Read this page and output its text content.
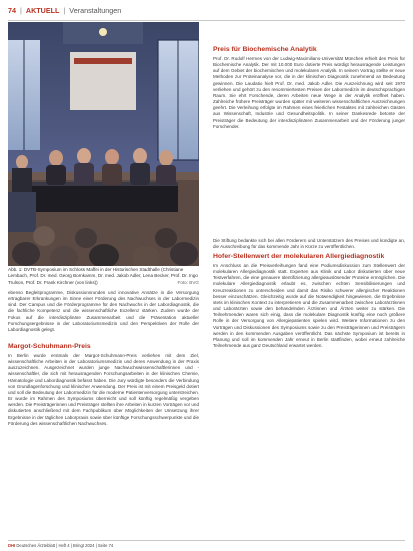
74 | AKTUELL | Veranstaltungen
Abb. 1: DVTB-Symposium im Schloss Maffei in der Historischen Stadthalle (Christiane Lembach, Prof. Dr. med. Georg Bornkamm, Dr. med. Jakob Adler, Lena Becker, Prof. Dr. Ingo Trulson, Prof. Dr. Frank Kirchner (von links))	Foto: BVG

ebenso Begleitprogramme, Diskussionsrunden und innovative Ansätze in die Versorgung ertragbarer Erkrankungen im Sinne einer Förderung des Nachwuchses in der Labormedizin sind. Der Campus und die Förderprogramme für den Nachwuchs in der Labordiagnostik, die die fachliche Kompetenz und die wissenschaftliche Exzellenz stärken. Zudem wurde der Fokus auf die interdisziplinäre Zusammenarbeit und die Präsentation aktueller Forschungsergebnisse in der Laboratoriumsmedizin und den Perspektiven der Rolle der Labordiagnostik gelegt.

Margot-Schuhmann-Preis

In Berlin wurde erstmals der Margot-Schuhmann-Preis verliehen mit dem Ziel, wissenschaftliche Arbeiten in der Laboratoriumsmedizin und deren Anwendung in der Praxis auszuzeichnen. Ausgezeichnet wurden junge Nachwuchswissenschaftlerinnen und -wissenschaftler, die sich mit herausragenden Forschungsarbeiten in der klinischen Chemie, Hämatologie und Labordiagnostik befasst haben. Die Jury würdigte besonders die Verbindung von Grundlagenforschung und klinischer Anwendung. Der Preis ist mit einem Preisgeld dotiert und soll die Bedeutung der Labormedizin für die moderne Patientenversorgung unterstreichen. Er wurde im Rahmen des Symposiums überreicht und soll künftig regelmäßig vergeben werden. Die Preisträgerinnen und Preisträger stellten ihre Arbeiten in kurzen Vorträgen vor und diskutierten anschließend mit dem Fachpublikum über Möglichkeiten der Umsetzung ihrer Ergebnisse in der täglichen Laborpraxis sowie über künftige Forschungsschwerpunkte und die Förderung des wissenschaftlichen Nachwuchses.

Preis für Biochemische Analytik

Prof. Dr. Rudolf Hermes von der Ludwig-Maximilians-Universität München erhielt den Preis für Biochemische Analytik. Der mit 10.000 Euro dotierte Preis würdigt herausragende Leistungen auf dem Gebiet der biochemischen und molekularen Analytik. In seinem Vortrag stellte er neue Methoden zur Proteinanalyse vor, die in der klinischen Diagnostik zunehmend an Bedeutung gewinnen. Die Laudatio hielt Prof. Dr. med. Jakob Adler. Die Auszeichnung wird seit 1970 verliehen und gehört zu den renommiertesten Preisen der Labormedizin im deutschsprachigen Raum. Sie ehrt Forschende, deren Arbeiten neue Wege in der Analytik eröffnet haben. Zahlreiche frühere Preisträger wurden später mit weiteren wissenschaftlichen Auszeichnungen geehrt. Die Verleihung erfolgte im Rahmen eines feierlichen Festaktes mit zahlreichen Gästen aus Wissenschaft, Industrie und Gesundheitspolitik. In seiner Dankesrede betonte der Preisträger die Bedeutung der interdisziplinären Zusammenarbeit und der Förderung junger Forschender.

Die Stiftung bedankte sich bei allen Förderern und Unterstützern des Preises und kündigte an, die Ausschreibung für das kommende Jahr in Kürze zu veröffentlichen.

Hofer-Stellenwert der molekularen Allergiediagnostik

Im Anschluss an die Preisverleihungen fand eine Podiumsdiskussion zum Stellenwert der molekularen Allergiediagnostik statt. Experten aus Klinik und Labor diskutierten über neue Testverfahren, die eine genauere Identifizierung allergieauslösender Proteine ermöglichen. Die molekulare Allergiediagnostik erlaubt es, zwischen echten Sensibilisierungen und Kreuzreaktionen zu unterscheiden und damit das Risiko schwerer allergischer Reaktionen besser einzuschätzen. Gleichzeitig wurde auf die Notwendigkeit hingewiesen, die Ergebnisse stets im klinischen Kontext zu interpretieren und die Zusammenarbeit zwischen Laborärztinnen und Laborärzten sowie den behandelnden Ärztinnen und Ärzten weiter zu stärken. Die Teilnehmenden waren sich einig, dass die molekulare Diagnostik künftig eine noch größere Rolle in der Versorgung von Allergiepatienten spielen wird. Weitere Informationen zu den Vorträgen und Diskussionen des Symposiums sowie zu den Preisträgerinnen und Preisträgern werden in den kommenden Ausgaben veröffentlicht. Das nächste Symposium ist bereits in Planung und soll im kommenden Jahr erneut in Berlin stattfinden, wobei erneut zahlreiche Teilnehmende aus ganz Deutschland erwartet werden.

DHI Deutsches Ärzteblatt | Heft 4 | Bringt 2024 | Seite 74
